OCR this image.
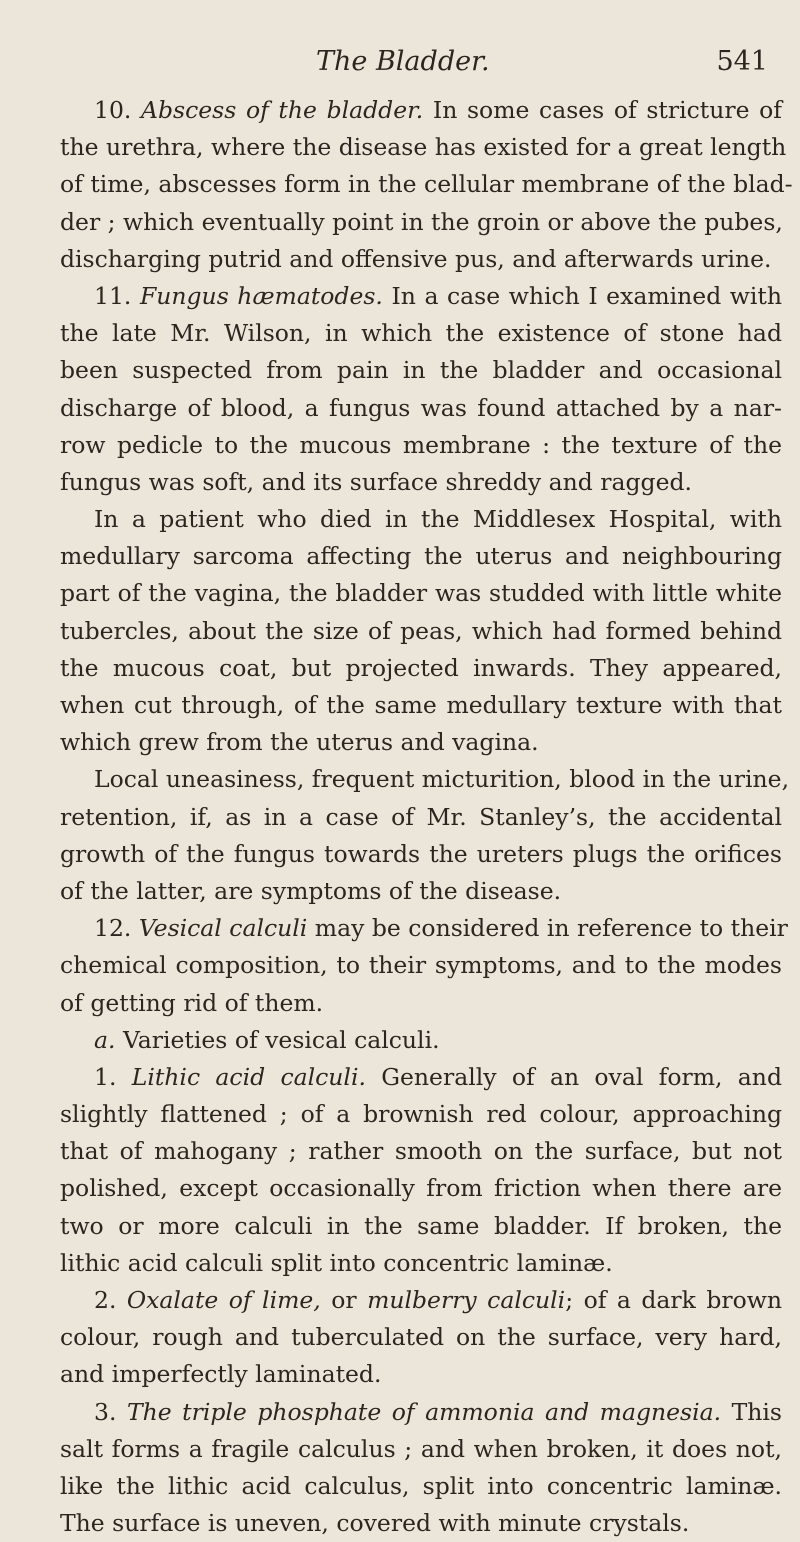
The Bladder.	541
10. Abscess of the bladder. In some cases of stricture of
the urethra, where the disease has existed for a great length
of time, abscesses form in the cellular membrane of the blad-
der ; which eventually point in the groin or above the pubes,
discharging putrid and offensive pus, and afterwards urine.
11. Fungus hæmatodes. In a case which I examined with
the late Mr. Wilson, in which the existence of stone had
been suspected from pain in the bladder and occasional
discharge of blood, a fungus was found attached by a nar-
row pedicle to the mucous membrane : the texture of the
fungus was soft, and its surface shreddy and ragged.
In a patient who died in the Middlesex Hospital, with
medullary sarcoma affecting the uterus and neighbouring
part of the vagina, the bladder was studded with little white
tubercles, about the size of peas, which had formed behind
the mucous coat, but projected inwards. They appeared,
when cut through, of the same medullary texture with that
which grew from the uterus and vagina.
Local uneasiness, frequent micturition, blood in the urine,
retention, if, as in a case of Mr. Stanley’s, the accidental
growth of the fungus towards the ureters plugs the orifices
of the latter, are symptoms of the disease.
12. Vesical calculi may be considered in reference to their
chemical composition, to their symptoms, and to the modes
of getting rid of them.
a. Varieties of vesical calculi.
1. Lithic acid calculi. Generally of an oval form, and
slightly flattened ; of a brownish red colour, approaching
that of mahogany ; rather smooth on the surface, but not
polished, except occasionally from friction when there are
two or more calculi in the same bladder. If broken, the
lithic acid calculi split into concentric laminæ.
2. Oxalate of lime, or mulberry calculi; of a dark brown
colour, rough and tuberculated on the surface, very hard,
and imperfectly laminated.
3. The triple phosphate of ammonia and magnesia. This
salt forms a fragile calculus ; and when broken, it does not,
like the lithic acid calculus, split into concentric laminæ.
The surface is uneven, covered with minute crystals.
